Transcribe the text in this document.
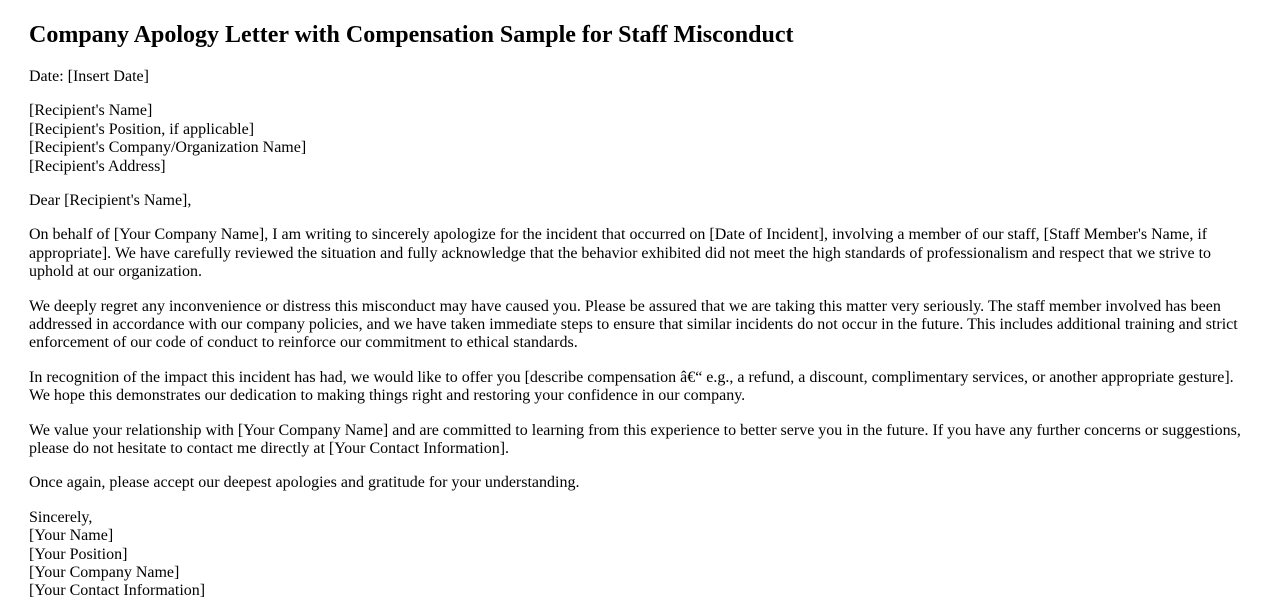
Company Apology Letter with Compensation Sample for Staff Misconduct

Date: [Insert Date]

[Recipient's Name]
[Recipient's Position, if applicable]
[Recipient's Company/Organization Name]
[Recipient's Address]

Dear [Recipient's Name],

On behalf of [Your Company Name], I am writing to sincerely apologize for the incident that occurred on [Date of Incident], involving a member of our staff, [Staff Member's Name, if appropriate]. We have carefully reviewed the situation and fully acknowledge that the behavior exhibited did not meet the high standards of professionalism and respect that we strive to uphold at our organization.

We deeply regret any inconvenience or distress this misconduct may have caused you. Please be assured that we are taking this matter very seriously. The staff member involved has been addressed in accordance with our company policies, and we have taken immediate steps to ensure that similar incidents do not occur in the future. This includes additional training and strict enforcement of our code of conduct to reinforce our commitment to ethical standards.

In recognition of the impact this incident has had, we would like to offer you [describe compensation â€“ e.g., a refund, a discount, complimentary services, or another appropriate gesture]. We hope this demonstrates our dedication to making things right and restoring your confidence in our company.

We value your relationship with [Your Company Name] and are committed to learning from this experience to better serve you in the future. If you have any further concerns or suggestions, please do not hesitate to contact me directly at [Your Contact Information].

Once again, please accept our deepest apologies and gratitude for your understanding.

Sincerely,
[Your Name]
[Your Position]
[Your Company Name]
[Your Contact Information]
